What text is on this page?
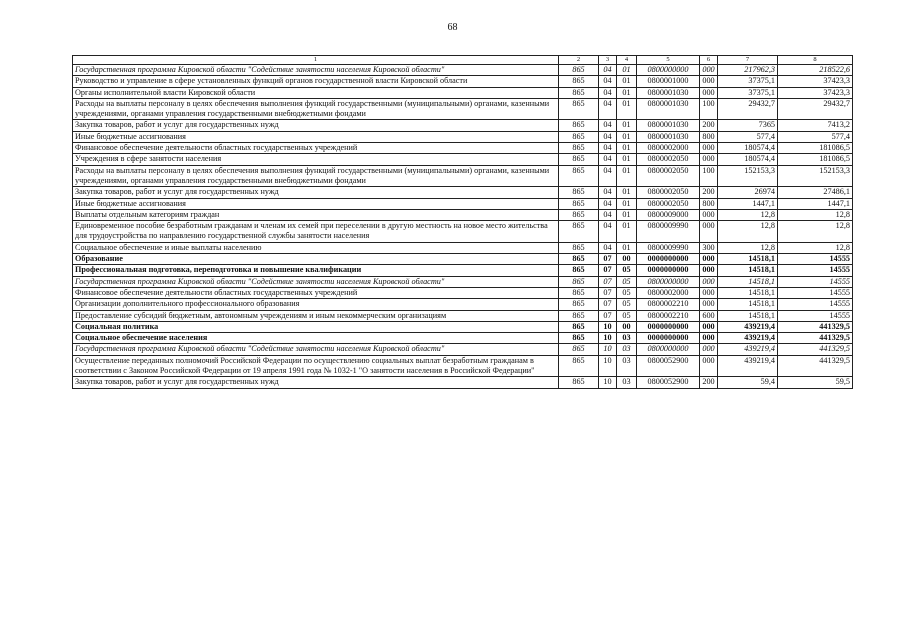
68
1	2	3	4	5	6	7	8
Государственная программа Кировской области "Содействие занятости населения Кировской области"	865	04	01	0800000000	000	217962,3	218522,6
Руководство и управление в сфере установленных функций органов государственной власти Кировской области	865	04	01	0800001000	000	37375,1	37423,3
Органы исполнительной власти Кировской области	865	04	01	0800001030	000	37375,1	37423,3
Расходы на выплаты персоналу в целях обеспечения выполнения функций государственными (муниципальными) органами, казенными учреждениями, органами управления государственными внебюджетными фондами	865	04	01	0800001030	100	29432,7	29432,7
Закупка товаров, работ и услуг для государственных нужд	865	04	01	0800001030	200	7365	7413,2
Иные бюджетные ассигнования	865	04	01	0800001030	800	577,4	577,4
Финансовое обеспечение деятельности областных государственных учреждений	865	04	01	0800002000	000	180574,4	181086,5
Учреждения в сфере занятости населения	865	04	01	0800002050	000	180574,4	181086,5
Расходы на выплаты персоналу в целях обеспечения выполнения функций государственными (муниципальными) органами, казенными учреждениями, органами управления государственными внебюджетными фондами	865	04	01	0800002050	100	152153,3	152153,3
Закупка товаров, работ и услуг для государственных нужд	865	04	01	0800002050	200	26974	27486,1
Иные бюджетные ассигнования	865	04	01	0800002050	800	1447,1	1447,1
Выплаты отдельным категориям граждан	865	04	01	0800009000	000	12,8	12,8
Единовременное пособие безработным гражданам и членам их семей при переселении в другую местность на новое место жительства для трудоустройства по направлению государственной службы занятости населения	865	04	01	0800009990	000	12,8	12,8
Социальное обеспечение и иные выплаты населению	865	04	01	0800009990	300	12,8	12,8
Образование	865	07	00	0000000000	000	14518,1	14555
Профессиональная подготовка, переподготовка и повышение квалификации	865	07	05	0000000000	000	14518,1	14555
Государственная программа Кировской области "Содействие занятости населения Кировской области"	865	07	05	0800000000	000	14518,1	14555
Финансовое обеспечение деятельности областных государственных учреждений	865	07	05	0800002000	000	14518,1	14555
Организации дополнительного профессионального образования	865	07	05	0800002210	000	14518,1	14555
Предоставление субсидий бюджетным, автономным учреждениям и иным некоммерческим организациям	865	07	05	0800002210	600	14518,1	14555
Социальная политика	865	10	00	0000000000	000	439219,4	441329,5
Социальное обеспечение населения	865	10	03	0000000000	000	439219,4	441329,5
Государственная программа Кировской области "Содействие занятости населения Кировской области"	865	10	03	0800000000	000	439219,4	441329,5
Осуществление переданных полномочий Российской Федерации по осуществлению социальных выплат безработным гражданам в соответствии с Законом Российской Федерации от 19 апреля 1991 года № 1032-1 "О занятости населения в Российской Федерации"	865	10	03	0800052900	000	439219,4	441329,5
Закупка товаров, работ и услуг для государственных нужд	865	10	03	0800052900	200	59,4	59,5
